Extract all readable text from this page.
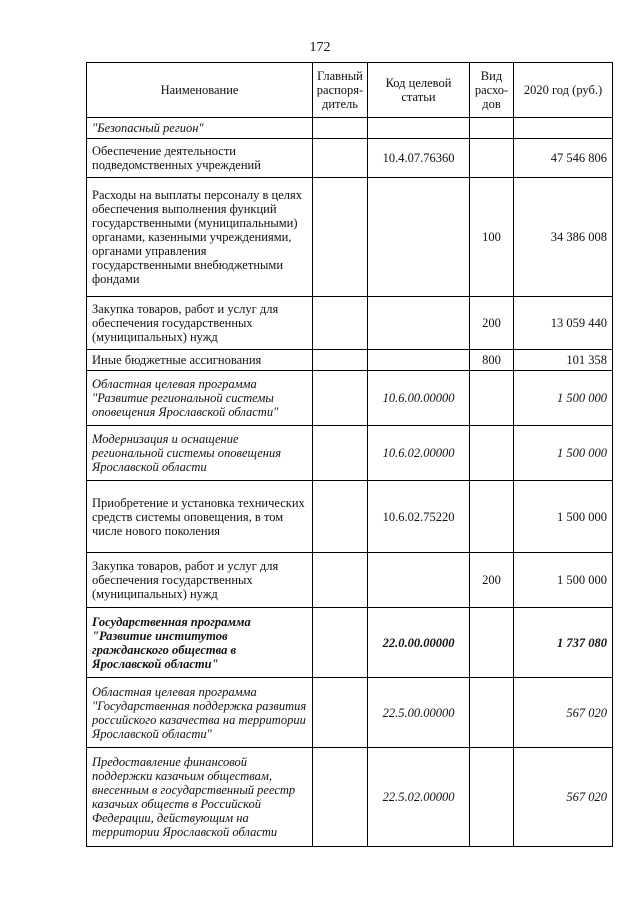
172
Наименование	Главный распоря-дитель	Код целевой статьи	Вид расхо-дов	2020 год (руб.)
"Безопасный регион"				
Обеспечение деятельности подведомственных учреждений		10.4.07.76360		47 546 806
Расходы на выплаты персоналу в целях обеспечения выполнения функций государственными (муниципальными) органами, казенными учреждениями, органами управления государственными внебюджетными фондами			100	34 386 008
Закупка товаров, работ и услуг для обеспечения государственных (муниципальных) нужд			200	13 059 440
Иные бюджетные ассигнования			800	101 358
Областная целевая программа "Развитие региональной системы оповещения Ярославской области"		10.6.00.00000		1 500 000
Модернизация и оснащение региональной системы оповещения Ярославской области		10.6.02.00000		1 500 000
Приобретение и установка технических средств системы оповещения, в том числе нового поколения		10.6.02.75220		1 500 000
Закупка товаров, работ и услуг для обеспечения государственных (муниципальных) нужд			200	1 500 000
Государственная программа "Развитие институтов гражданского общества в Ярославской области"		22.0.00.00000		1 737 080
Областная целевая программа "Государственная поддержка развития российского казачества на территории Ярославской области"		22.5.00.00000		567 020
Предоставление финансовой поддержки казачьим обществам, внесенным в государственный реестр казачьих обществ в Российской Федерации, действующим на территории Ярославской области		22.5.02.00000		567 020
